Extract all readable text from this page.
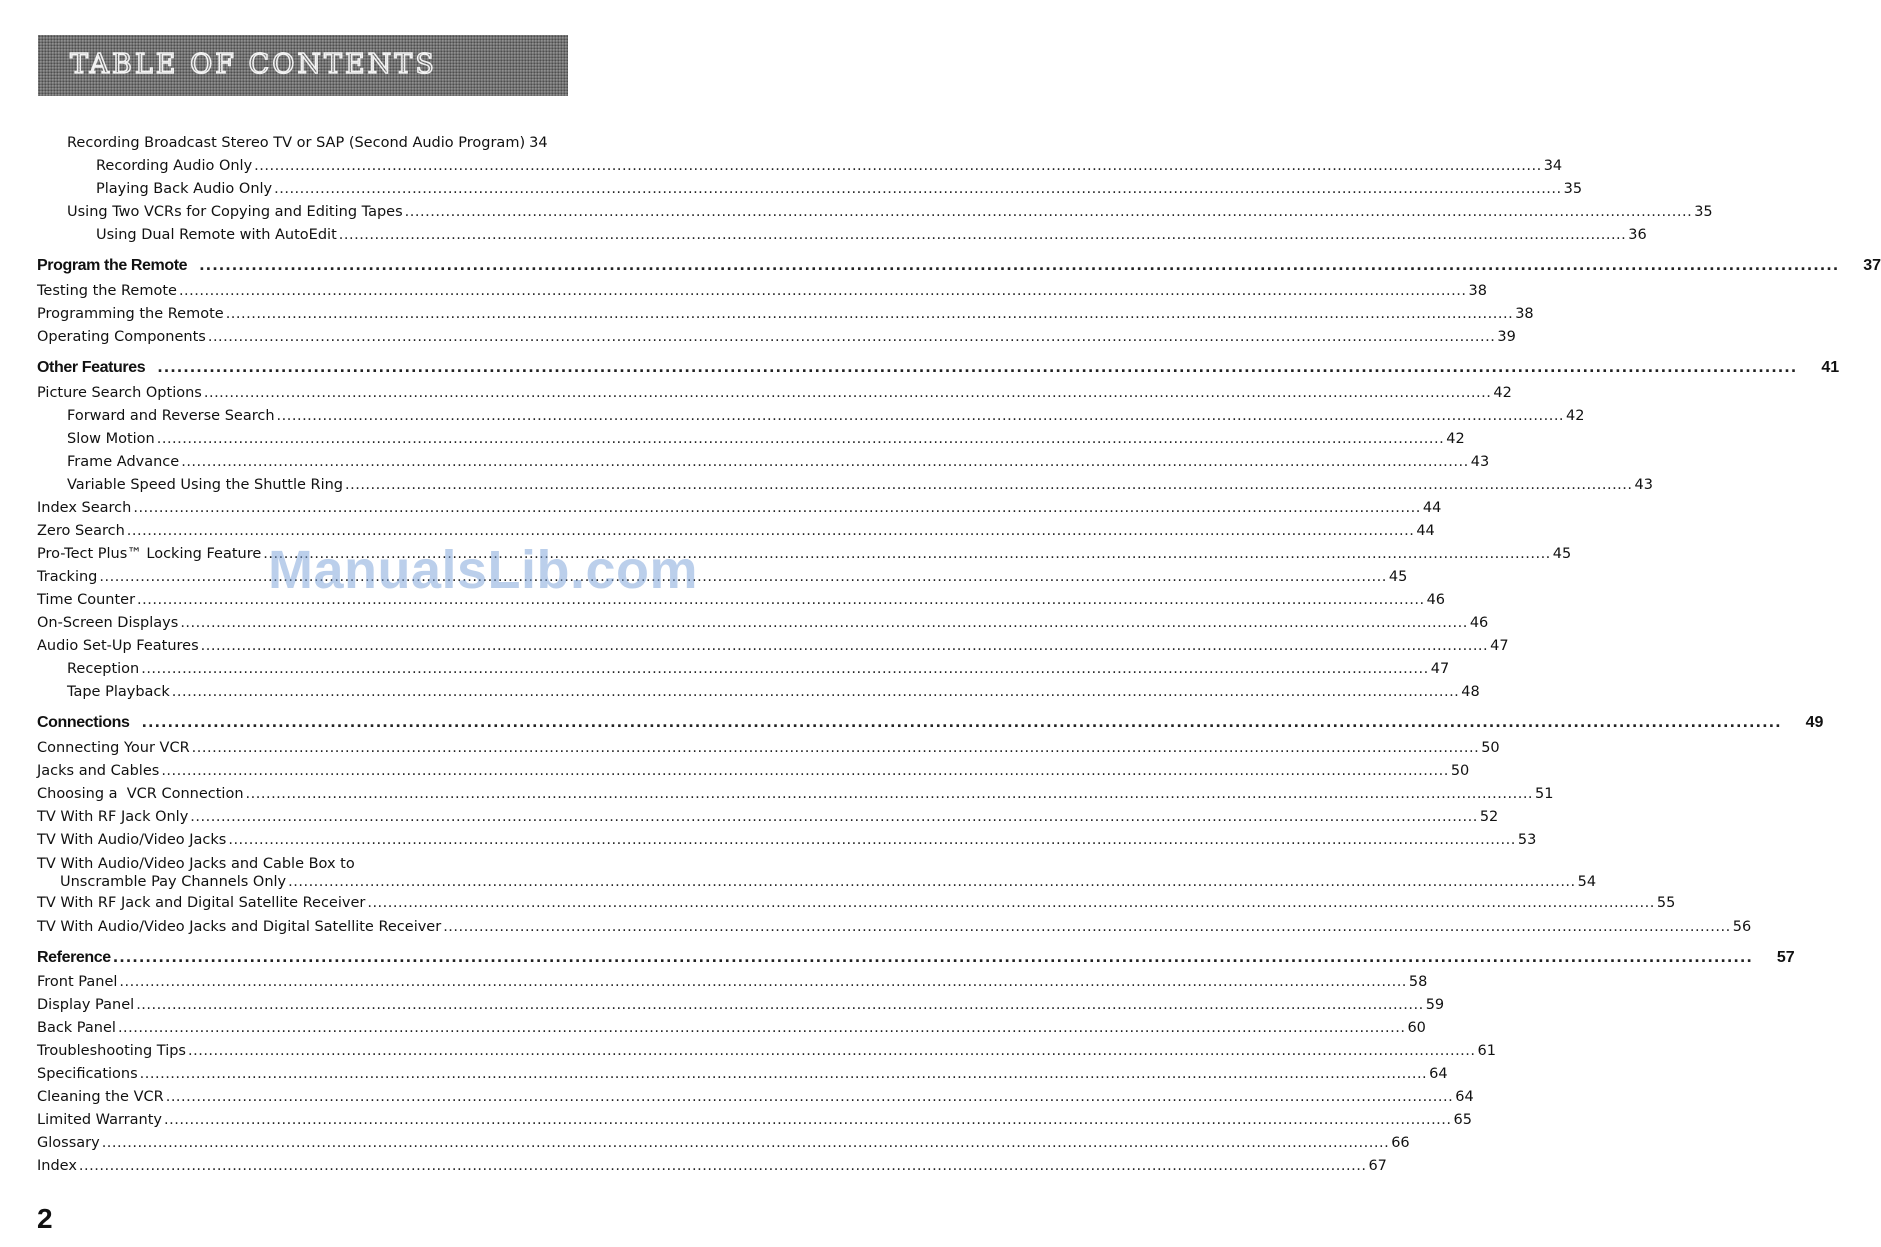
TABLE OF CONTENTS
Recording Broadcast Stereo TV or SAP (Second Audio Program) 34
Recording Audio Only .....	34
Playing Back Audio Only .....	35
Using Two VCRs for Copying and Editing Tapes .....	35
Using Dual Remote with AutoEdit .....	36
Program the Remote .....	37
Testing the Remote .....	38
Programming the Remote .....	38
Operating Components .....	39
Other Features .....	41
Picture Search Options .....	42
Forward and Reverse Search .....	42
Slow Motion .....	42
Frame Advance .....	43
Variable Speed Using the Shuttle Ring .....	43
Index Search .....	44
Zero Search .....	44
Pro-Tect Plus™ Locking Feature .....	45
Tracking .....	45
Time Counter .....	46
On-Screen Displays .....	46
Audio Set-Up Features .....	47
Reception .....	47
Tape Playback .....	48
Connections .....	49
Connecting Your VCR .....	50
Jacks and Cables .....	50
Choosing a  VCR Connection .....	51
TV With RF Jack Only .....	52
TV With Audio/Video Jacks .....	53
TV With Audio/Video Jacks and Cable Box to
Unscramble Pay Channels Only .....	54
TV With RF Jack and Digital Satellite Receiver .....	55
TV With Audio/Video Jacks and Digital Satellite Receiver .....	56
Reference .....	57
Front Panel .....	58
Display Panel .....	59
Back Panel .....	60
Troubleshooting Tips .....	61
Specifications .....	64
Cleaning the VCR .....	64
Limited Warranty .....	65
Glossary .....	66
Index .....	67
ManualsLib.com
2
